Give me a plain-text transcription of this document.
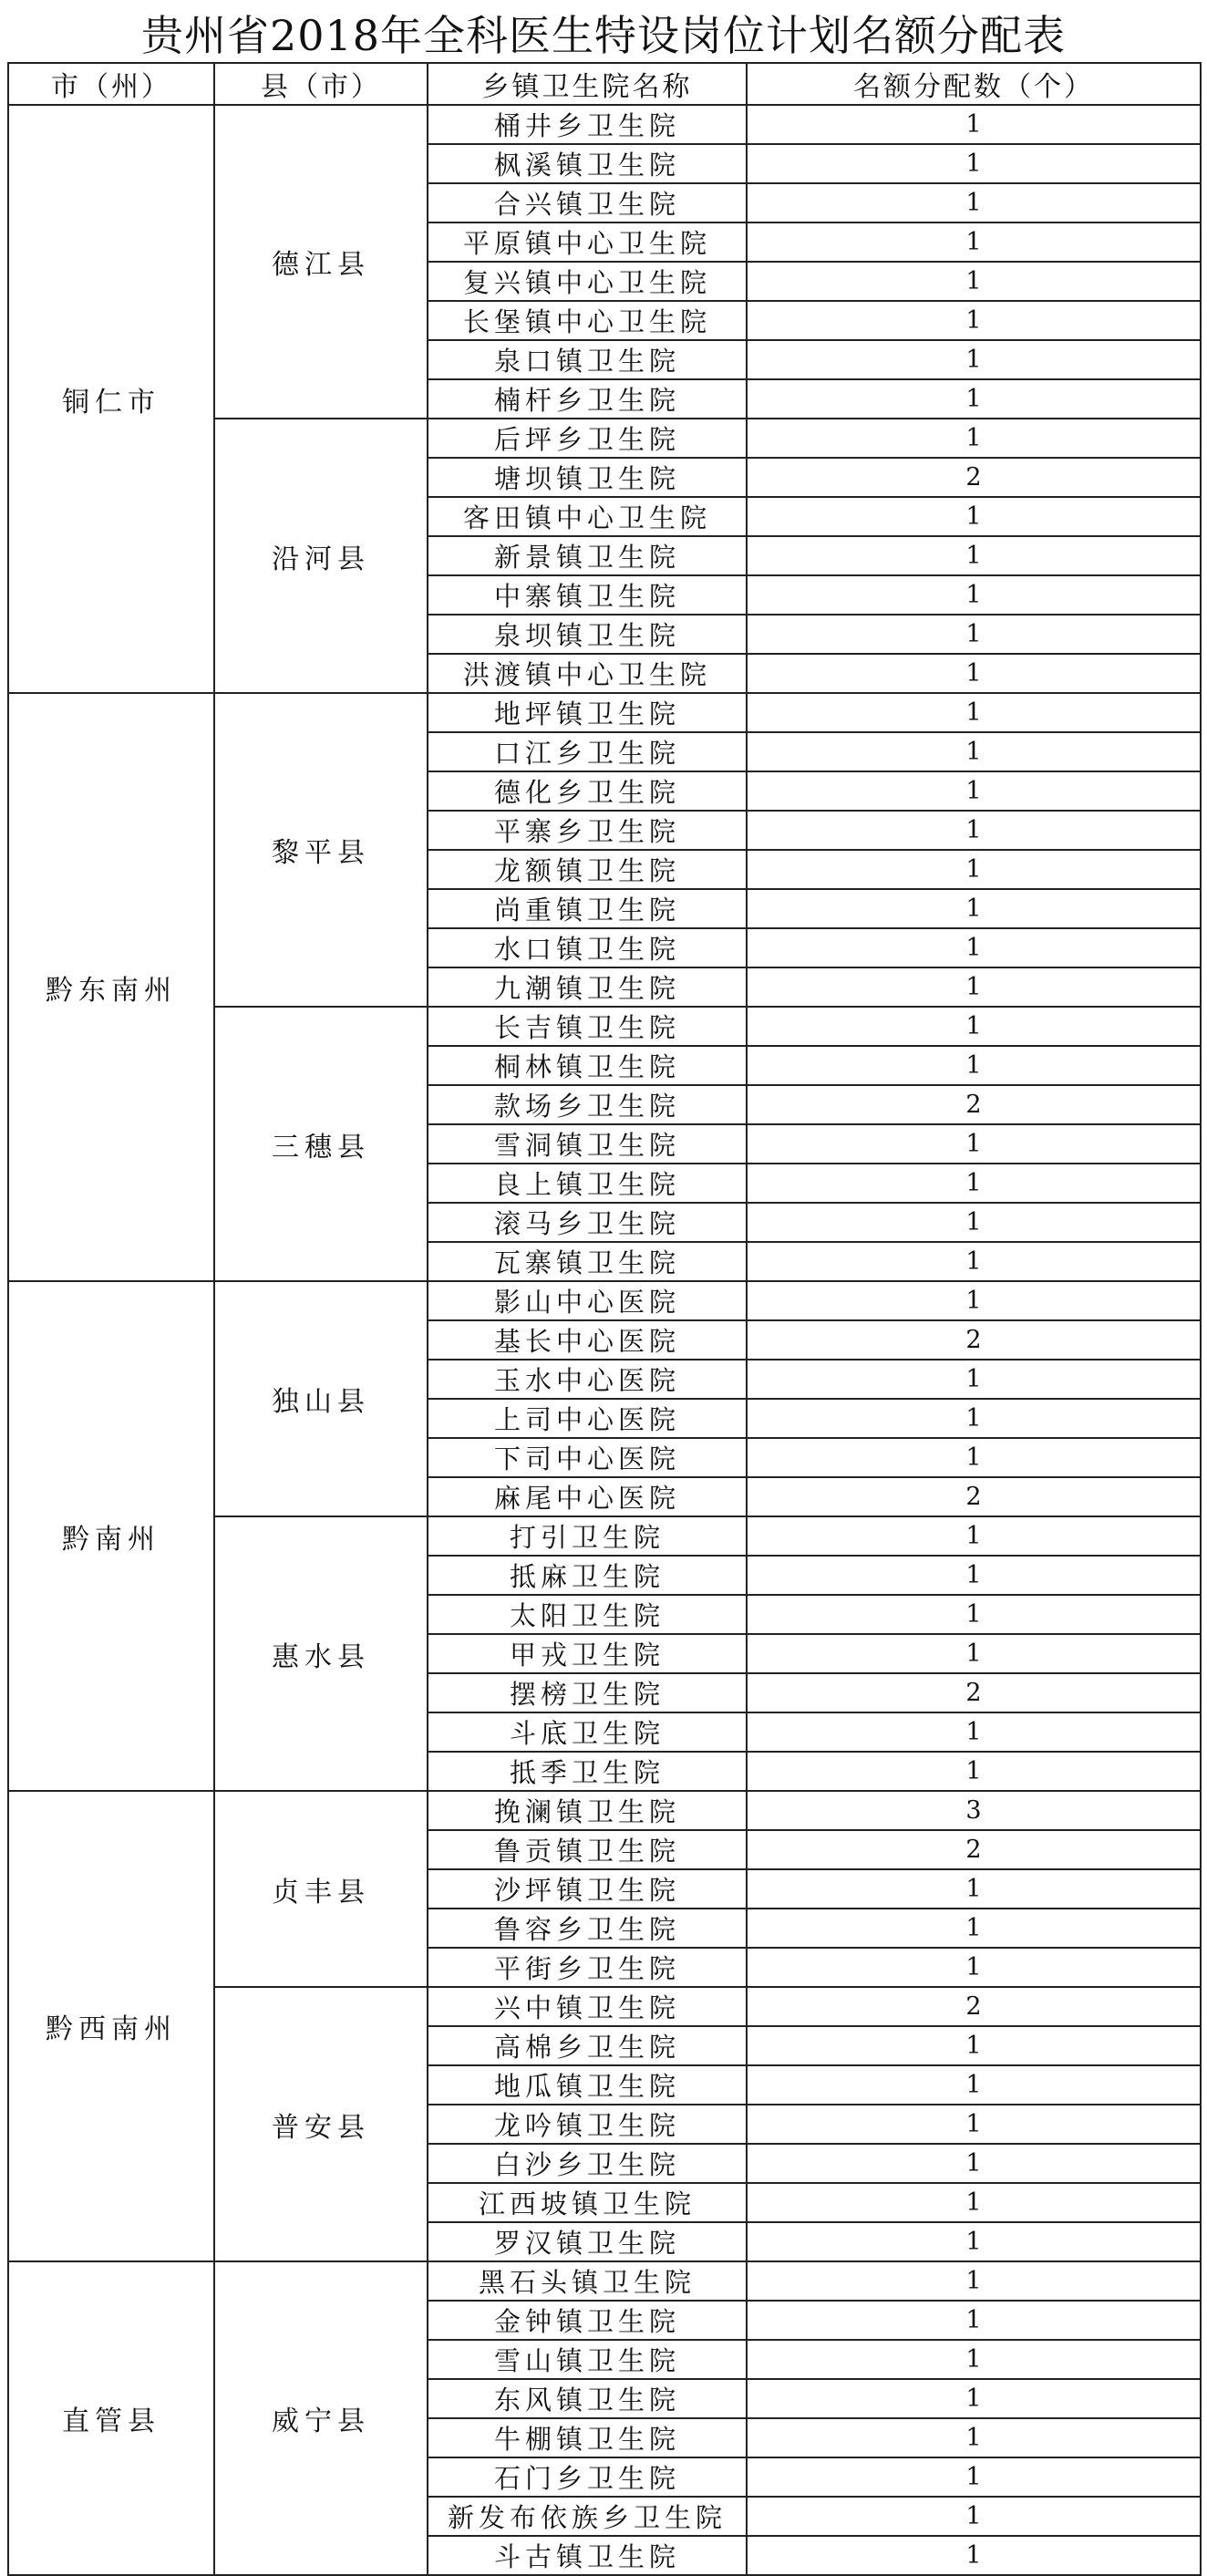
贵州省2018年全科医生特设岗位计划名额分配表
市（州）	县（市）	乡镇卫生院名称	名额分配数（个）
铜仁市	德江县	桶井乡卫生院	1
		枫溪镇卫生院	1
		合兴镇卫生院	1
		平原镇中心卫生院	1
		复兴镇中心卫生院	1
		长堡镇中心卫生院	1
		泉口镇卫生院	1
		楠杆乡卫生院	1
	沿河县	后坪乡卫生院	1
		塘坝镇卫生院	2
		客田镇中心卫生院	1
		新景镇卫生院	1
		中寨镇卫生院	1
		泉坝镇卫生院	1
		洪渡镇中心卫生院	1
黔东南州	黎平县	地坪镇卫生院	1
		口江乡卫生院	1
		德化乡卫生院	1
		平寨乡卫生院	1
		龙额镇卫生院	1
		尚重镇卫生院	1
		水口镇卫生院	1
		九潮镇卫生院	1
	三穗县	长吉镇卫生院	1
		桐林镇卫生院	1
		款场乡卫生院	2
		雪洞镇卫生院	1
		良上镇卫生院	1
		滚马乡卫生院	1
		瓦寨镇卫生院	1
黔南州	独山县	影山中心医院	1
		基长中心医院	2
		玉水中心医院	1
		上司中心医院	1
		下司中心医院	1
		麻尾中心医院	2
	惠水县	打引卫生院	1
		抵麻卫生院	1
		太阳卫生院	1
		甲戎卫生院	1
		摆榜卫生院	2
		斗底卫生院	1
		抵季卫生院	1
黔西南州	贞丰县	挽澜镇卫生院	3
		鲁贡镇卫生院	2
		沙坪镇卫生院	1
		鲁容乡卫生院	1
		平街乡卫生院	1
	普安县	兴中镇卫生院	2
		高棉乡卫生院	1
		地瓜镇卫生院	1
		龙吟镇卫生院	1
		白沙乡卫生院	1
		江西坡镇卫生院	1
		罗汉镇卫生院	1
直管县	威宁县	黑石头镇卫生院	1
		金钟镇卫生院	1
		雪山镇卫生院	1
		东风镇卫生院	1
		牛棚镇卫生院	1
		石门乡卫生院	1
		新发布依族乡卫生院	1
		斗古镇卫生院	1
